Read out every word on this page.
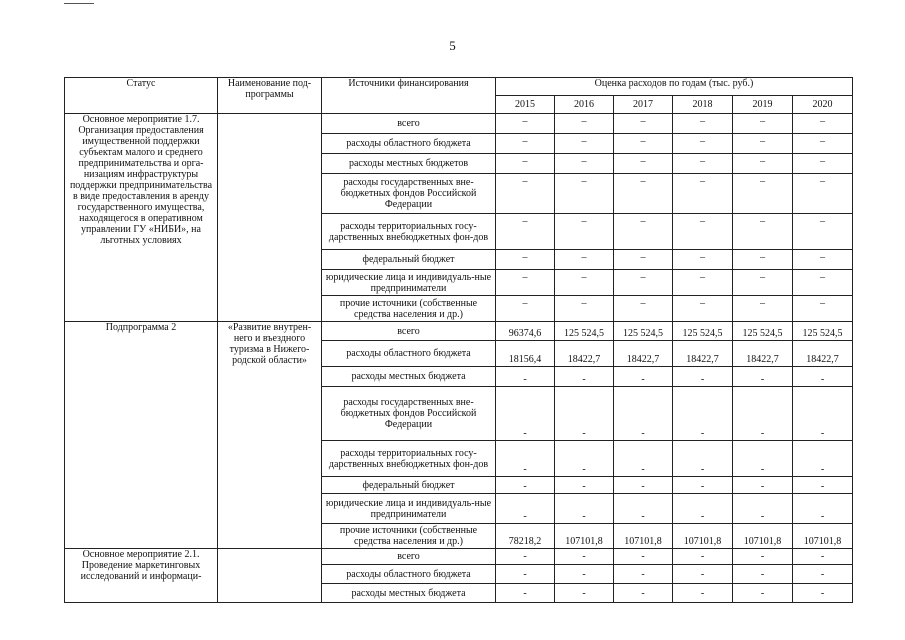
5
Статус	Наименование под-программы	Источники финансирования	Оценка расходов по годам (тыс. руб.)					
			2015	2016	2017	2018	2019	2020
Основное мероприятие 1.7. Организация предоставления имущественной поддержки субъектам малого и среднего предпринимательства и орга-низациям инфраструктуры поддержки предпринимательства в виде предоставления в аренду государственного имущества, находящегося в оперативном управлении ГУ «НИБИ», на льготных условиях		всего	–	–	–	–	–	–
		расходы областного бюджета	–	–	–	–	–	–
		расходы местных бюджетов	–	–	–	–	–	–
		расходы государственных вне-бюджетных фондов Российской Федерации	–	–	–	–	–	–
		расходы территориальных госу-дарственных внебюджетных фон-дов	–	–	–	–	–	–
		федеральный бюджет	–	–	–	–	–	–
		юридические лица и индивидуаль-ные предприниматели	–	–	–	–	–	–
		прочие источники (собственные средства населения и др.)	–	–	–	–	–	–
Подпрограмма 2	«Развитие внутрен-него и въездного туризма в Нижего-родской области»	всего	96374,6	125 524,5	125 524,5	125 524,5	125 524,5	125 524,5
		расходы областного бюджета	18156,4	18422,7	18422,7	18422,7	18422,7	18422,7
		расходы местных бюджета	-	-	-	-	-	-
		расходы государственных вне-бюджетных фондов Российской Федерации	-	-	-	-	-	-
		расходы территориальных госу-дарственных внебюджетных фон-дов	-	-	-	-	-	-
		федеральный бюджет	-	-	-	-	-	-
		юридические лица и индивидуаль-ные предприниматели	-	-	-	-	-	-
		прочие источники (собственные средства населения и др.)	78218,2	107101,8	107101,8	107101,8	107101,8	107101,8
Основное мероприятие 2.1. Проведение маркетинговых исследований и информаци-		всего	-	-	-	-	-	-
		расходы областного бюджета	-	-	-	-	-	-
		расходы местных бюджета	-	-	-	-	-	-
